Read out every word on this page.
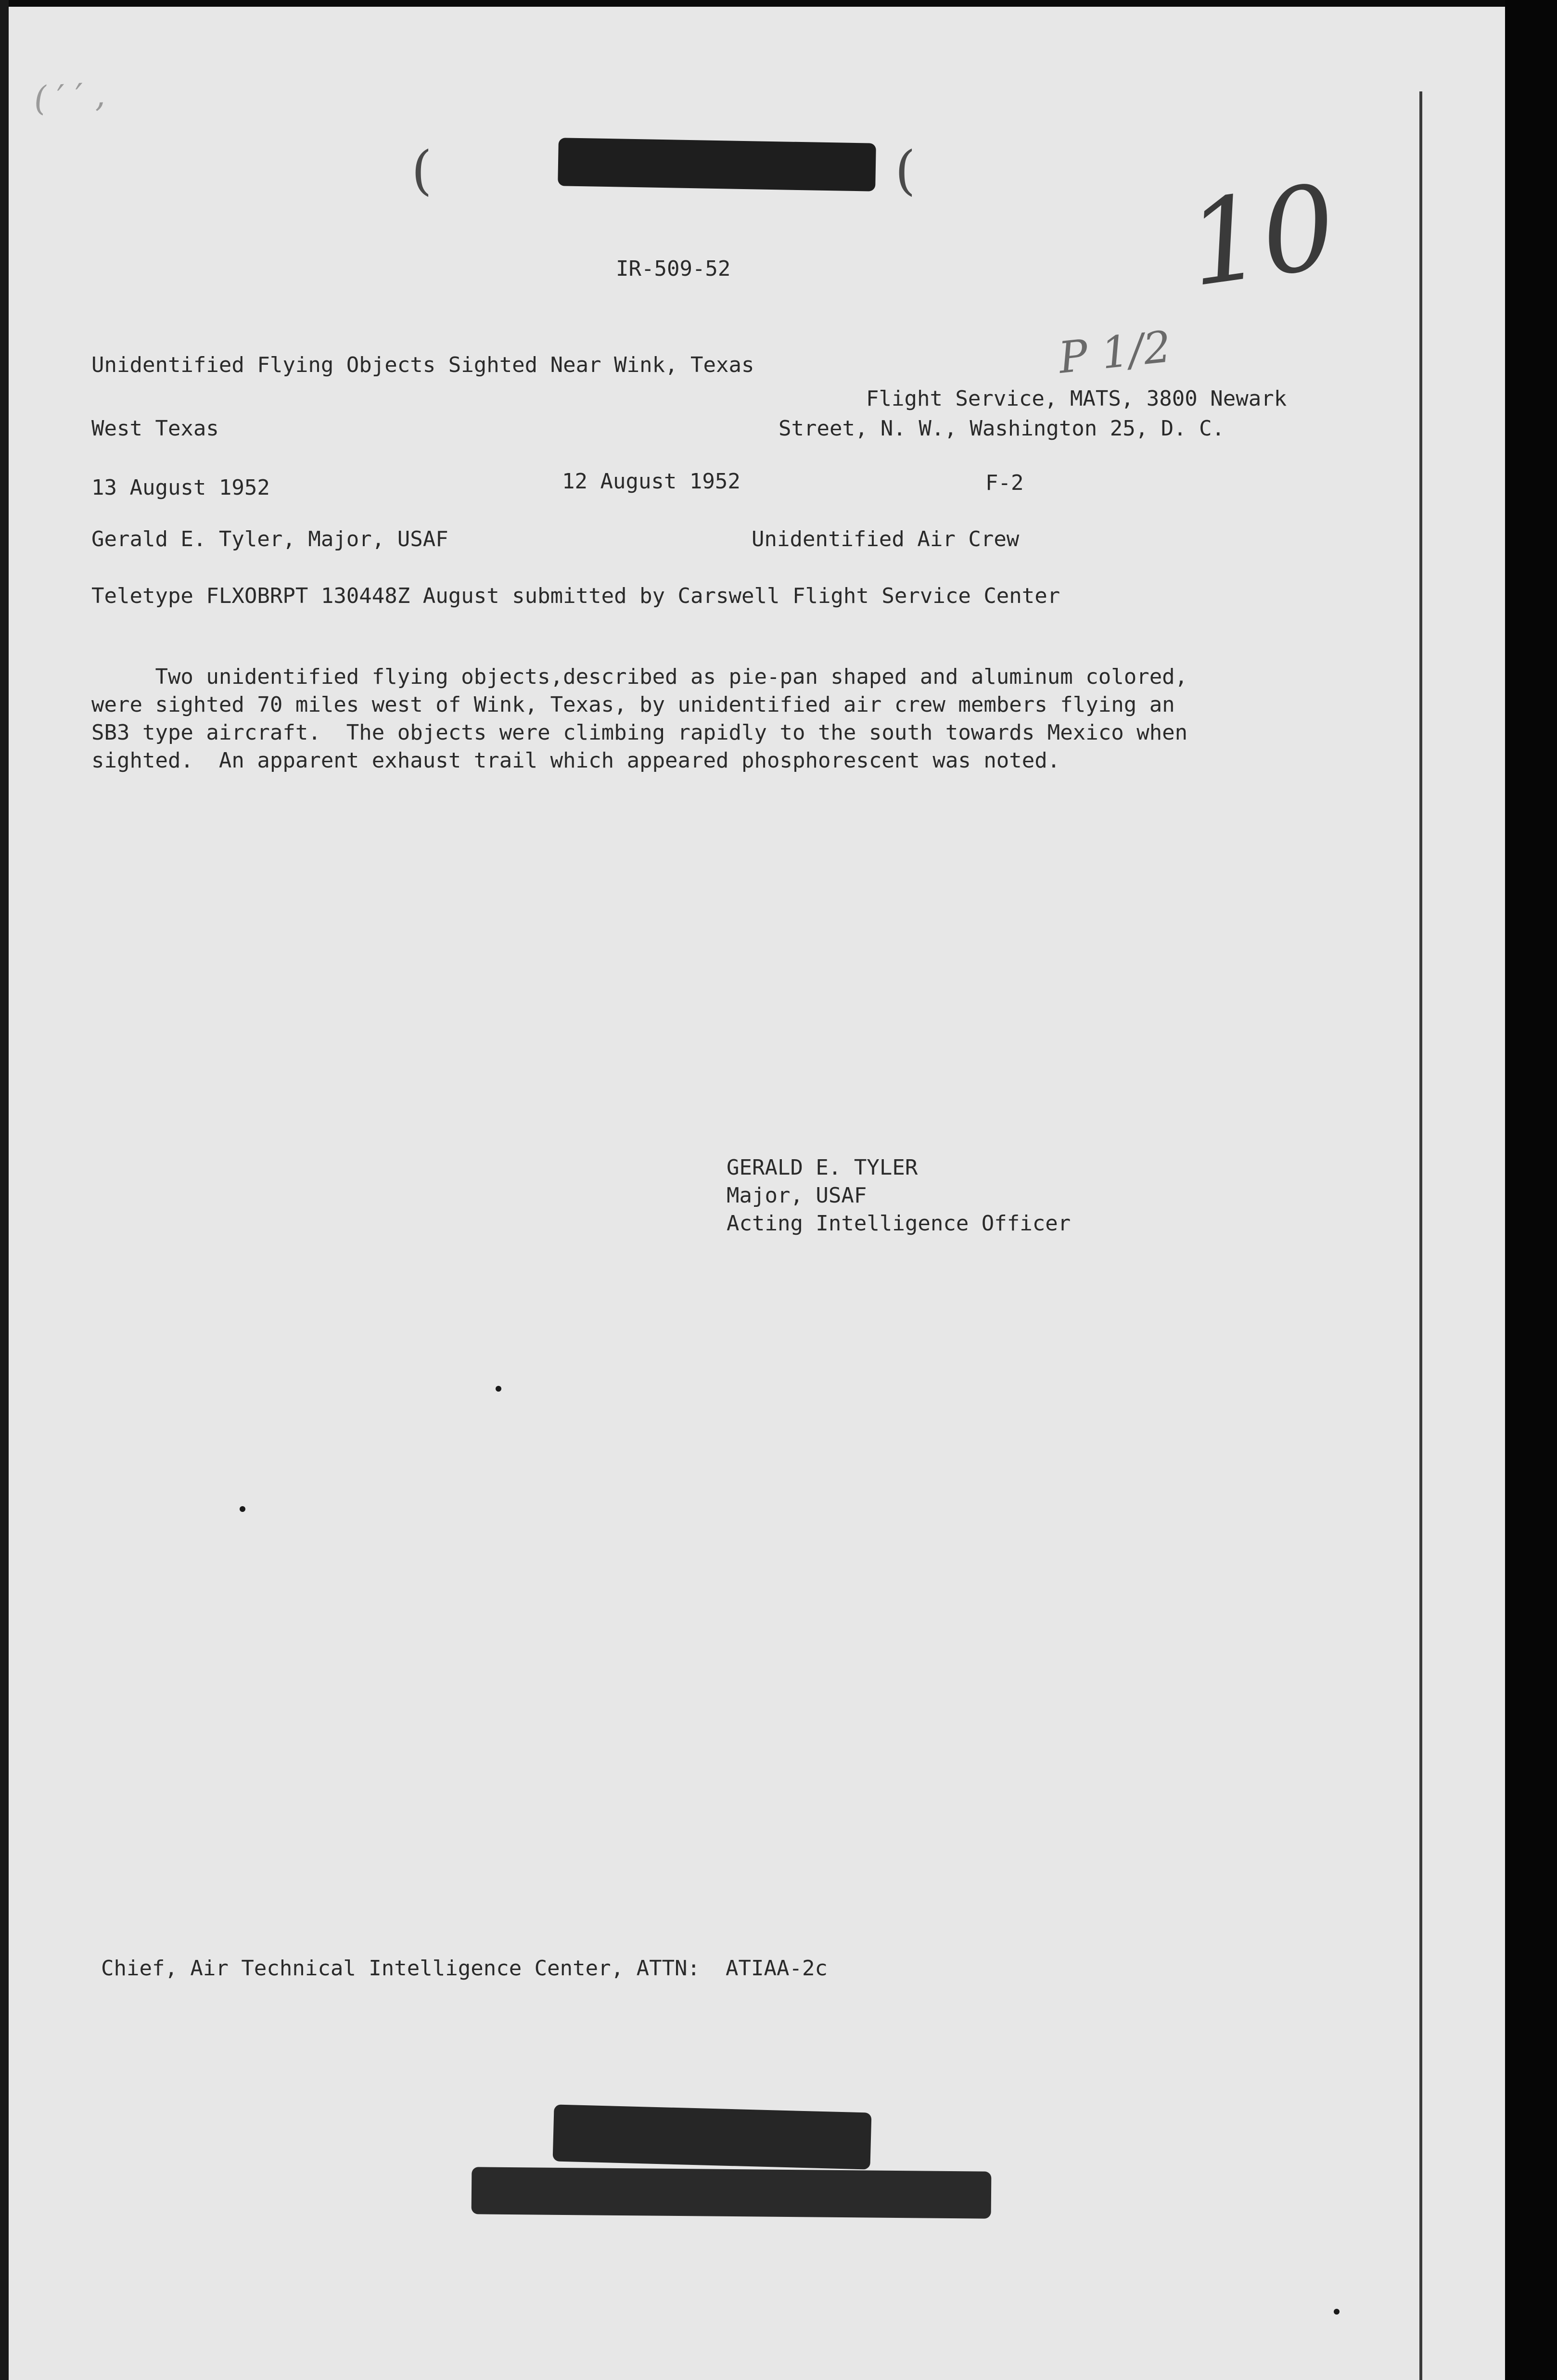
(	(
( ′ ′ ,
10
P 1/2
IR-509-52
Unidentified Flying Objects Sighted Near Wink, Texas
Flight Service, MATS, 3800 Newark
West Texas	Street, N. W., Washington 25, D. C.
13 August 1952	12 August 1952	F-2
Gerald E. Tyler, Major, USAF	Unidentified Air Crew
Teletype FLXOBRPT 130448Z August submitted by Carswell Flight Service Center
Two unidentified flying objects,described as pie-pan shaped and aluminum colored,
were sighted 70 miles west of Wink, Texas, by unidentified air crew members flying an
SB3 type aircraft.  The objects were climbing rapidly to the south towards Mexico when
sighted.  An apparent exhaust trail which appeared phosphorescent was noted.
GERALD E. TYLER
Major, USAF
Acting Intelligence Officer
Chief, Air Technical Intelligence Center, ATTN:  ATIAA-2c
